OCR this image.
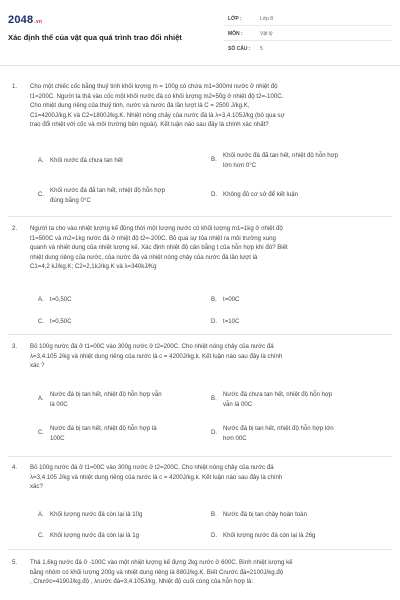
2048.vn
Xác định thể của vật qua quá trình trao đổi nhiệt
LỚP :	Lớp 8
MÔN :	Vật lý
SỐ CÂU : 5
1. Cho một chiếc cốc bằng thuỷ tinh khối lượng m = 100g có chứa m1=300ml nước ở nhiệt độ
t1=200C. Người ta thả vào cốc một khối nước đá có khối lượng m2=50g ở nhiệt độ t2=-100C.
Cho nhiệt dung riêng của thuỷ tinh, nước và nước đá lần lượt là C = 2500 J/kg.K,
C1=4200J/kg.K và C2=1800J/kg.K. Nhiệt nóng chảy của nước đá là λ=3,4.105J/kg (bỏ qua sự
trao đổi nhiệt với cốc và môi trường bên ngoài). Kết luận nào sau đây là chính xác nhất?
A. Khối nước đá chưa tan hết	B.
Khối nước đá đã tan hết, nhiệt độ hỗn hợp
lớn hơn 0°C
C.
Khối nước đá đã tan hết, nhiệt độ hỗn hợp
đúng bằng 0°C
D. Không đủ cơ sở để kết luận
2. Người ta cho vào nhiệt lượng kế đồng thời một lượng nước có khối lượng m1=1kg ở nhiệt độ
t1=500C và m2=1kg nước đá ở nhiệt độ t2=-200C. Bỏ qua sự tỏa nhiệt ra môi trường xung
quanh và nhiệt dung của nhiệt lượng kế. Xác định nhiệt độ cân bằng t của hỗn hợp khi đó? Biết
nhiệt dung riêng của nước, của nước đá và nhiệt nóng chảy của nước đá lần lượt là
C1=4,2 kJ/kg.K; C2=2,1kJ/kg.K và λ=340kJ/Kg
A. t=0,50C	B. t=00C
C. t=0,50C	D. t=10C
3. Bỏ 100g nước đá ở t1=00C vào 300g nước ở t2=200C. Cho nhiệt nóng chảy của nước đá
λ=3,4.105 J/kg và nhiệt dung riêng của nước là c = 4200J/kg.k. Kết luận nào sau đây là chính
xác ?
A.
Nước đá bị tan hết, nhiệt độ hỗn hợp vẫn
là 00C
B.
Nước đá chưa tan hết, nhiệt độ hỗn hợp
vẫn là 00C
C.
Nước đá bị tan hết, nhiệt độ hỗn hợp là
100C
D.
Nước đá bị tan hết, nhiệt độ hỗn hợp lớn
hơn 00C
4. Bỏ 100g nước đá ở t1=00C vào 300g nước ở t2=200C. Cho nhiệt nóng chảy của nước đá
λ=3,4.105 J/kg và nhiệt dung riêng của nước là c = 4200J/kg.k. Kết luận nào sau đây là chính
xác?
A. Khối lượng nước đá còn lại là 10g	B. Nước đá bị tan chảy hoàn toàn
C. Khối lượng nước đá còn lại là 1g	D. Khối lượng nước đá còn lại là 26g
5. Thả 1,6kg nước đá ở -100C vào một nhiệt lượng kế đựng 2kg nước ở 600C. Bình nhiệt lượng kế
bằng nhôm có khối lượng 200g và nhiệt dung riêng là 880J/kg.K. Biết Cnước đá=2100J/kg.độ
, Cnước=4190J/kg.độ , λnước đá=3,4.105J/kg. Nhiệt độ cuối cùng của hỗn hợp là:
